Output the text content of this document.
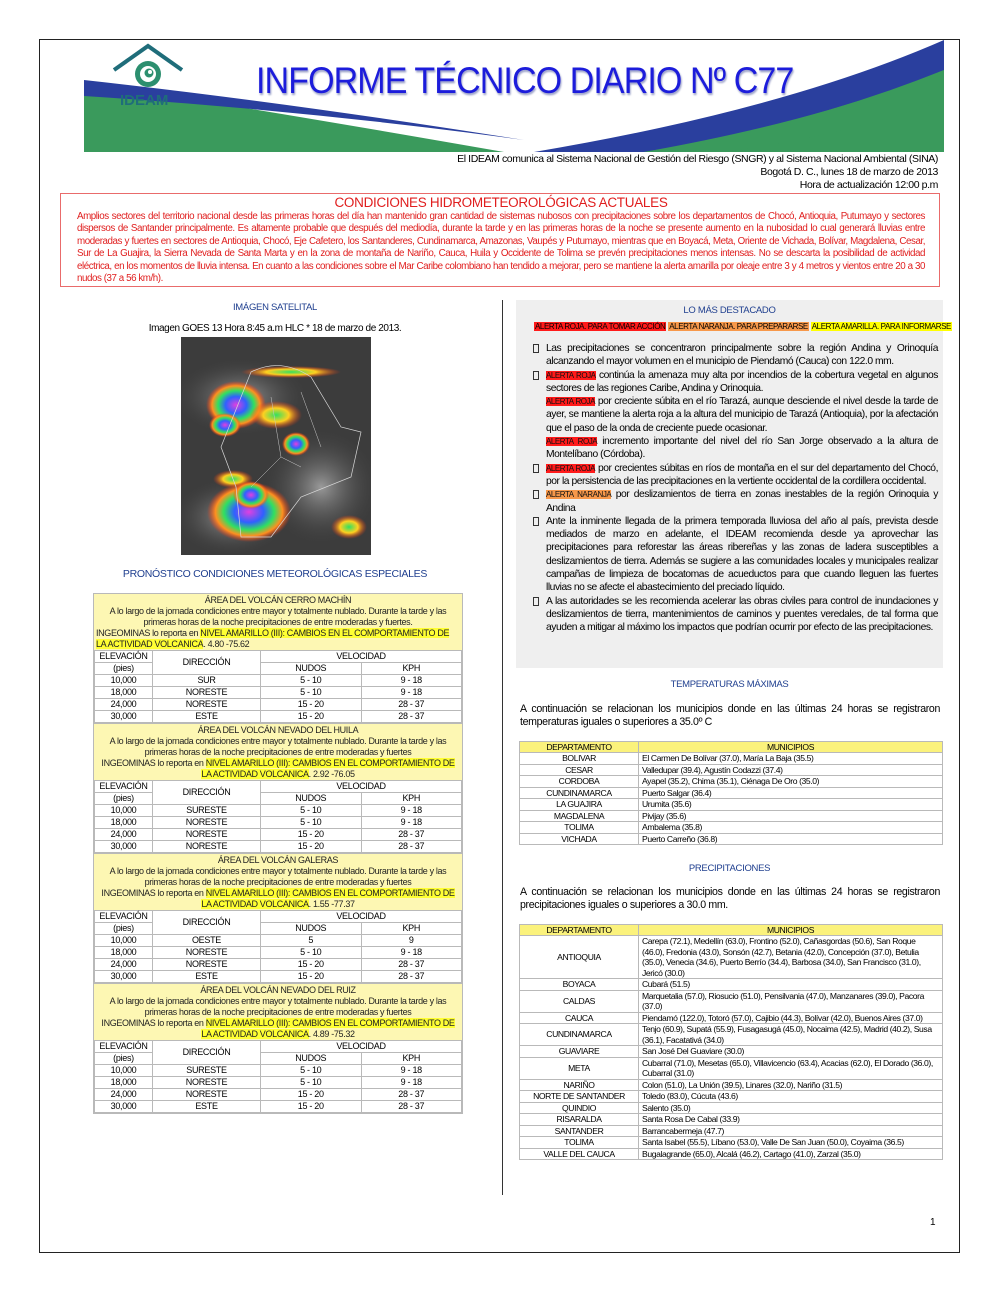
IDEAM INFORME TÉCNICO DIARIO Nº C77
El IDEAM comunica al Sistema Nacional de Gestión del Riesgo (SNGR) y al Sistema Nacional Ambiental (SINA)
Bogotá D. C., lunes 18 de marzo de 2013
Hora de actualización 12:00 p.m
CONDICIONES HIDROMETEOROLÓGICAS ACTUALES
Amplios sectores del territorio nacional desde las primeras horas del día han mantenido gran cantidad de sistemas nubosos con precipitaciones sobre los departamentos de Chocó, Antioquia, Putumayo y sectores dispersos de Santander principalmente. Es altamente probable que después del mediodía, durante la tarde y en las primeras horas de la noche se presente aumento en la nubosidad lo cual generará lluvias entre moderadas y fuertes en sectores de Antioquia, Chocó, Eje Cafetero, los Santanderes, Cundinamarca, Amazonas, Vaupés y Putumayo, mientras que en Boyacá, Meta, Oriente de Vichada, Bolívar, Magdalena, Cesar, Sur de La Guajira, la Sierra Nevada de Santa Marta y en la zona de montaña de Nariño, Cauca, Huila y Occidente de Tolima se prevén precipitaciones menos intensas. No se descarta la posibilidad de actividad eléctrica, en los momentos de lluvia intensa. En cuanto a las condiciones sobre el Mar Caribe colombiano han tendido a mejorar, pero se mantiene la alerta amarilla por oleaje entre 3 y 4 metros y vientos entre 20 a 30 nudos (37 a 56 km/h).
IMÁGEN SATELITAL
Imagen GOES 13 Hora 8:45 a.m HLC * 18 de marzo de 2013.
PRONÓSTICO CONDICIONES METEOROLÓGICAS ESPECIALES
ÁREA DEL VOLCÁN CERRO MACHÍN
A lo largo de la jornada condiciones entre mayor y totalmente nublado. Durante la tarde y las primeras horas de la noche precipitaciones de entre moderadas y fuertes.
INGEOMINAS lo reporta en NIVEL AMARILLO (III): CAMBIOS EN EL COMPORTAMIENTO DE LA ACTIVIDAD VOLCANICA. 4.80 -75.62
ELEVACIÓN	DIRECCIÓN	VELOCIDAD	
(pies)		NUDOS	KPH
10,000	SUR	5 - 10	9 - 18
18,000	NORESTE	5 - 10	9 - 18
24,000	NORESTE	15 - 20	28 - 37
30,000	ESTE	15 - 20	28 - 37
ÁREA DEL VOLCÁN NEVADO DEL HUILA
A lo largo de la jornada condiciones entre mayor y totalmente nublado. Durante la tarde y las primeras horas de la noche precipitaciones de entre moderadas y fuertes
INGEOMINAS lo reporta en NIVEL AMARILLO (III): CAMBIOS EN EL COMPORTAMIENTO DE LA ACTIVIDAD VOLCANICA. 2.92 -76.05
ELEVACIÓN	DIRECCIÓN	VELOCIDAD	
(pies)		NUDOS	KPH
10,000	SURESTE	5 - 10	9 - 18
18,000	NORESTE	5 - 10	9 - 18
24,000	NORESTE	15 - 20	28 - 37
30,000	NORESTE	15 - 20	28 - 37
ÁREA DEL VOLCÁN GALERAS
A lo largo de la jornada condiciones entre mayor y totalmente nublado. Durante la tarde y las primeras horas de la noche precipitaciones de entre moderadas y fuertes
INGEOMINAS lo reporta en NIVEL AMARILLO (III): CAMBIOS EN EL COMPORTAMIENTO DE LA ACTIVIDAD VOLCANICA. 1.55 -77.37
ELEVACIÓN	DIRECCIÓN	VELOCIDAD	
(pies)		NUDOS	KPH
10,000	OESTE	5	9
18,000	NORESTE	5 - 10	9 - 18
24,000	NORESTE	15 - 20	28 - 37
30,000	ESTE	15 - 20	28 - 37
ÁREA DEL VOLCÁN NEVADO DEL RUIZ
A lo largo de la jornada condiciones entre mayor y totalmente nublado. Durante la tarde y las primeras horas de la noche precipitaciones de entre moderadas y fuertes
INGEOMINAS lo reporta en NIVEL AMARILLO (III): CAMBIOS EN EL COMPORTAMIENTO DE LA ACTIVIDAD VOLCANICA. 4.89 -75.32
ELEVACIÓN	DIRECCIÓN	VELOCIDAD	
(pies)		NUDOS	KPH
10,000	SURESTE	5 - 10	9 - 18
18,000	NORESTE	5 - 10	9 - 18
24,000	NORESTE	15 - 20	28 - 37
30,000	ESTE	15 - 20	28 - 37
LO MÁS DESTACADO
ALERTA ROJA. PARA TOMAR ACCIÓN ALERTA NARANJA. PARA PREPARARSE ALERTA AMARILLA. PARA INFORMARSE
Las precipitaciones se concentraron principalmente sobre la región Andina y Orinoquía alcanzando el mayor volumen en el municipio de Piendamó (Cauca) con 122.0 mm.
ALERTA ROJA continúa la amenaza muy alta por incendios de la cobertura vegetal en algunos sectores de las regiones Caribe, Andina y Orinoquia.
ALERTA ROJA por creciente súbita en el río Tarazá, aunque desciende el nivel desde la tarde de ayer, se mantiene la alerta roja a la altura del municipio de Tarazá (Antioquia), por la afectación que el paso de la onda de creciente puede ocasionar.
ALERTA ROJA incremento importante del nivel del río San Jorge observado a la altura de Montelíbano (Córdoba).
ALERTA ROJA por crecientes súbitas en ríos de montaña en el sur del departamento del Chocó, por la persistencia de las precipitaciones en la vertiente occidental de la cordillera occidental.
ALERTA NARANJA por deslizamientos de tierra en zonas inestables de la región Orinoquia y Andina
Ante la inminente llegada de la primera temporada lluviosa del año al país, prevista desde mediados de marzo en adelante, el IDEAM recomienda desde ya aprovechar las precipitaciones para reforestar las áreas ribereñas y las zonas de ladera susceptibles a deslizamientos de tierra. Además se sugiere a las comunidades locales y municipales realizar campañas de limpieza de bocatomas de acueductos para que cuando lleguen las fuertes lluvias no se afecte el abastecimiento del preciado líquido.
A las autoridades se les recomienda acelerar las obras civiles para control de inundaciones y deslizamientos de tierra, mantenimientos de caminos y puentes veredales, de tal forma que ayuden a mitigar al máximo los impactos que podrían ocurrir por efecto de las precipitaciones.
TEMPERATURAS MÁXIMAS
A continuación se relacionan los municipios donde en las últimas 24 horas se registraron temperaturas iguales o superiores a 35.0º C
DEPARTAMENTO	MUNICIPIOS
BOLIVAR	El Carmen De Bolívar (37.0), María La Baja (35.5)
CESAR	Valledupar (39.4), Agustín Codazzi (37.4)
CORDOBA	Ayapel (35.2), Chima (35.1), Ciénaga De Oro (35.0)
CUNDINAMARCA	Puerto Salgar (36.4)
LA GUAJIRA	Urumita (35.6)
MAGDALENA	Pivijay (35.6)
TOLIMA	Ambalema (35.8)
VICHADA	Puerto Carreño (36.8)
PRECIPITACIONES
A continuación se relacionan los municipios donde en las últimas 24 horas se registraron precipitaciones iguales o superiores a 30.0 mm.
DEPARTAMENTO	MUNICIPIOS
ANTIOQUIA	Carepa (72.1), Medellín (63.0), Frontino (52.0), Cañasgordas (50.6), San Roque (46.0), Fredonia (43.0), Sonsón (42.7), Betania (42.0), Concepción (37.0), Betulia (35.0), Venecia (34.6), Puerto Berrío (34.4), Barbosa (34.0), San Francisco (31.0), Jericó (30.0)
BOYACA	Cubará (51.5)
CALDAS	Marquetalia (57.0), Riosucio (51.0), Pensilvania (47.0), Manzanares (39.0), Pacora (37.0)
CAUCA	Piendamó (122.0), Totoró (57.0), Cajibio (44.3), Bolívar (42.0), Buenos Aires (37.0)
CUNDINAMARCA	Tenjo (60.9), Supatá (55.9), Fusagasugá (45.0), Nocaima (42.5), Madrid (40.2), Susa (36.1), Facatativá (34.0)
GUAVIARE	San José Del Guaviare (30.0)
META	Cubarral (71.0), Mesetas (65.0), Villavicencio (63.4), Acacias (62.0), El Dorado (36.0), Cubarral (31.0)
NARIÑO	Colon (51.0), La Unión (39.5), Linares (32.0), Nariño (31.5)
NORTE DE SANTANDER	Toledo (83.0), Cúcuta (43.6)
QUINDIO	Salento (35.0)
RISARALDA	Santa Rosa De Cabal (33.9)
SANTANDER	Barrancabermeja (47.7)
TOLIMA	Santa Isabel (55.5), Líbano (53.0), Valle De San Juan (50.0), Coyaima (36.5)
VALLE DEL CAUCA	Bugalagrande (65.0), Alcalá (46.2), Cartago (41.0), Zarzal (35.0)
1
